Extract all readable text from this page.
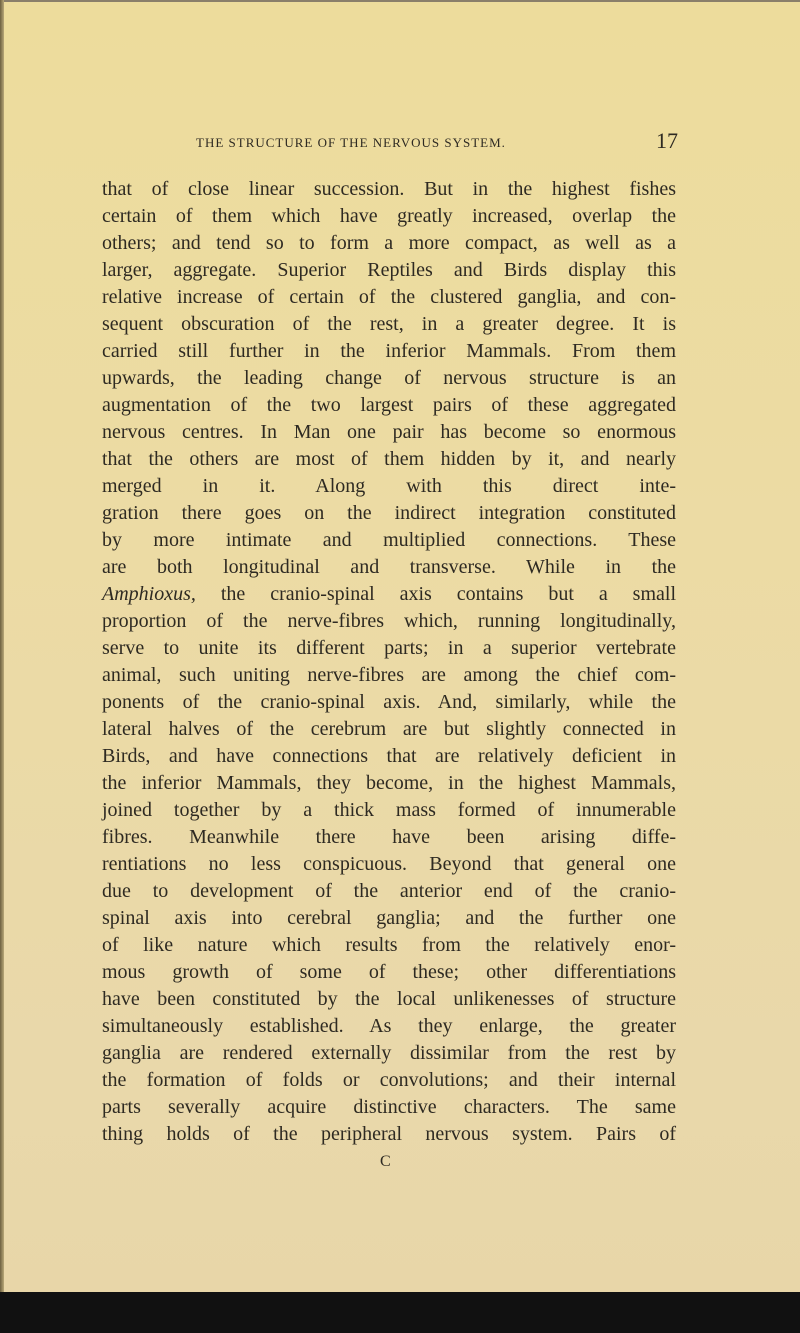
THE STRUCTURE OF THE NERVOUS SYSTEM.	17
that of close linear succession. But in the highest fishes
certain of them which have greatly increased, overlap the
others; and tend so to form a more compact, as well as a
larger, aggregate. Superior Reptiles and Birds display this
relative increase of certain of the clustered ganglia, and con-
sequent obscuration of the rest, in a greater degree. It is
carried still further in the inferior Mammals. From them
upwards, the leading change of nervous structure is an
augmentation of the two largest pairs of these aggregated
nervous centres. In Man one pair has become so enormous
that the others are most of them hidden by it, and nearly
merged in it. Along with this direct inte-
gration there goes on the indirect integration constituted
by more intimate and multiplied connections. These
are both longitudinal and transverse. While in the
Amphioxus, the cranio-spinal axis contains but a small
proportion of the nerve-fibres which, running longitudinally,
serve to unite its different parts; in a superior vertebrate
animal, such uniting nerve-fibres are among the chief com-
ponents of the cranio-spinal axis. And, similarly, while the
lateral halves of the cerebrum are but slightly connected in
Birds, and have connections that are relatively deficient in
the inferior Mammals, they become, in the highest Mammals,
joined together by a thick mass formed of innumerable
fibres. Meanwhile there have been arising diffe-
rentiations no less conspicuous. Beyond that general one
due to development of the anterior end of the cranio-
spinal axis into cerebral ganglia; and the further one
of like nature which results from the relatively enor-
mous growth of some of these; other differentiations
have been constituted by the local unlikenesses of structure
simultaneously established. As they enlarge, the greater
ganglia are rendered externally dissimilar from the rest by
the formation of folds or convolutions; and their internal
parts severally acquire distinctive characters. The same
thing holds of the peripheral nervous system. Pairs of
C
